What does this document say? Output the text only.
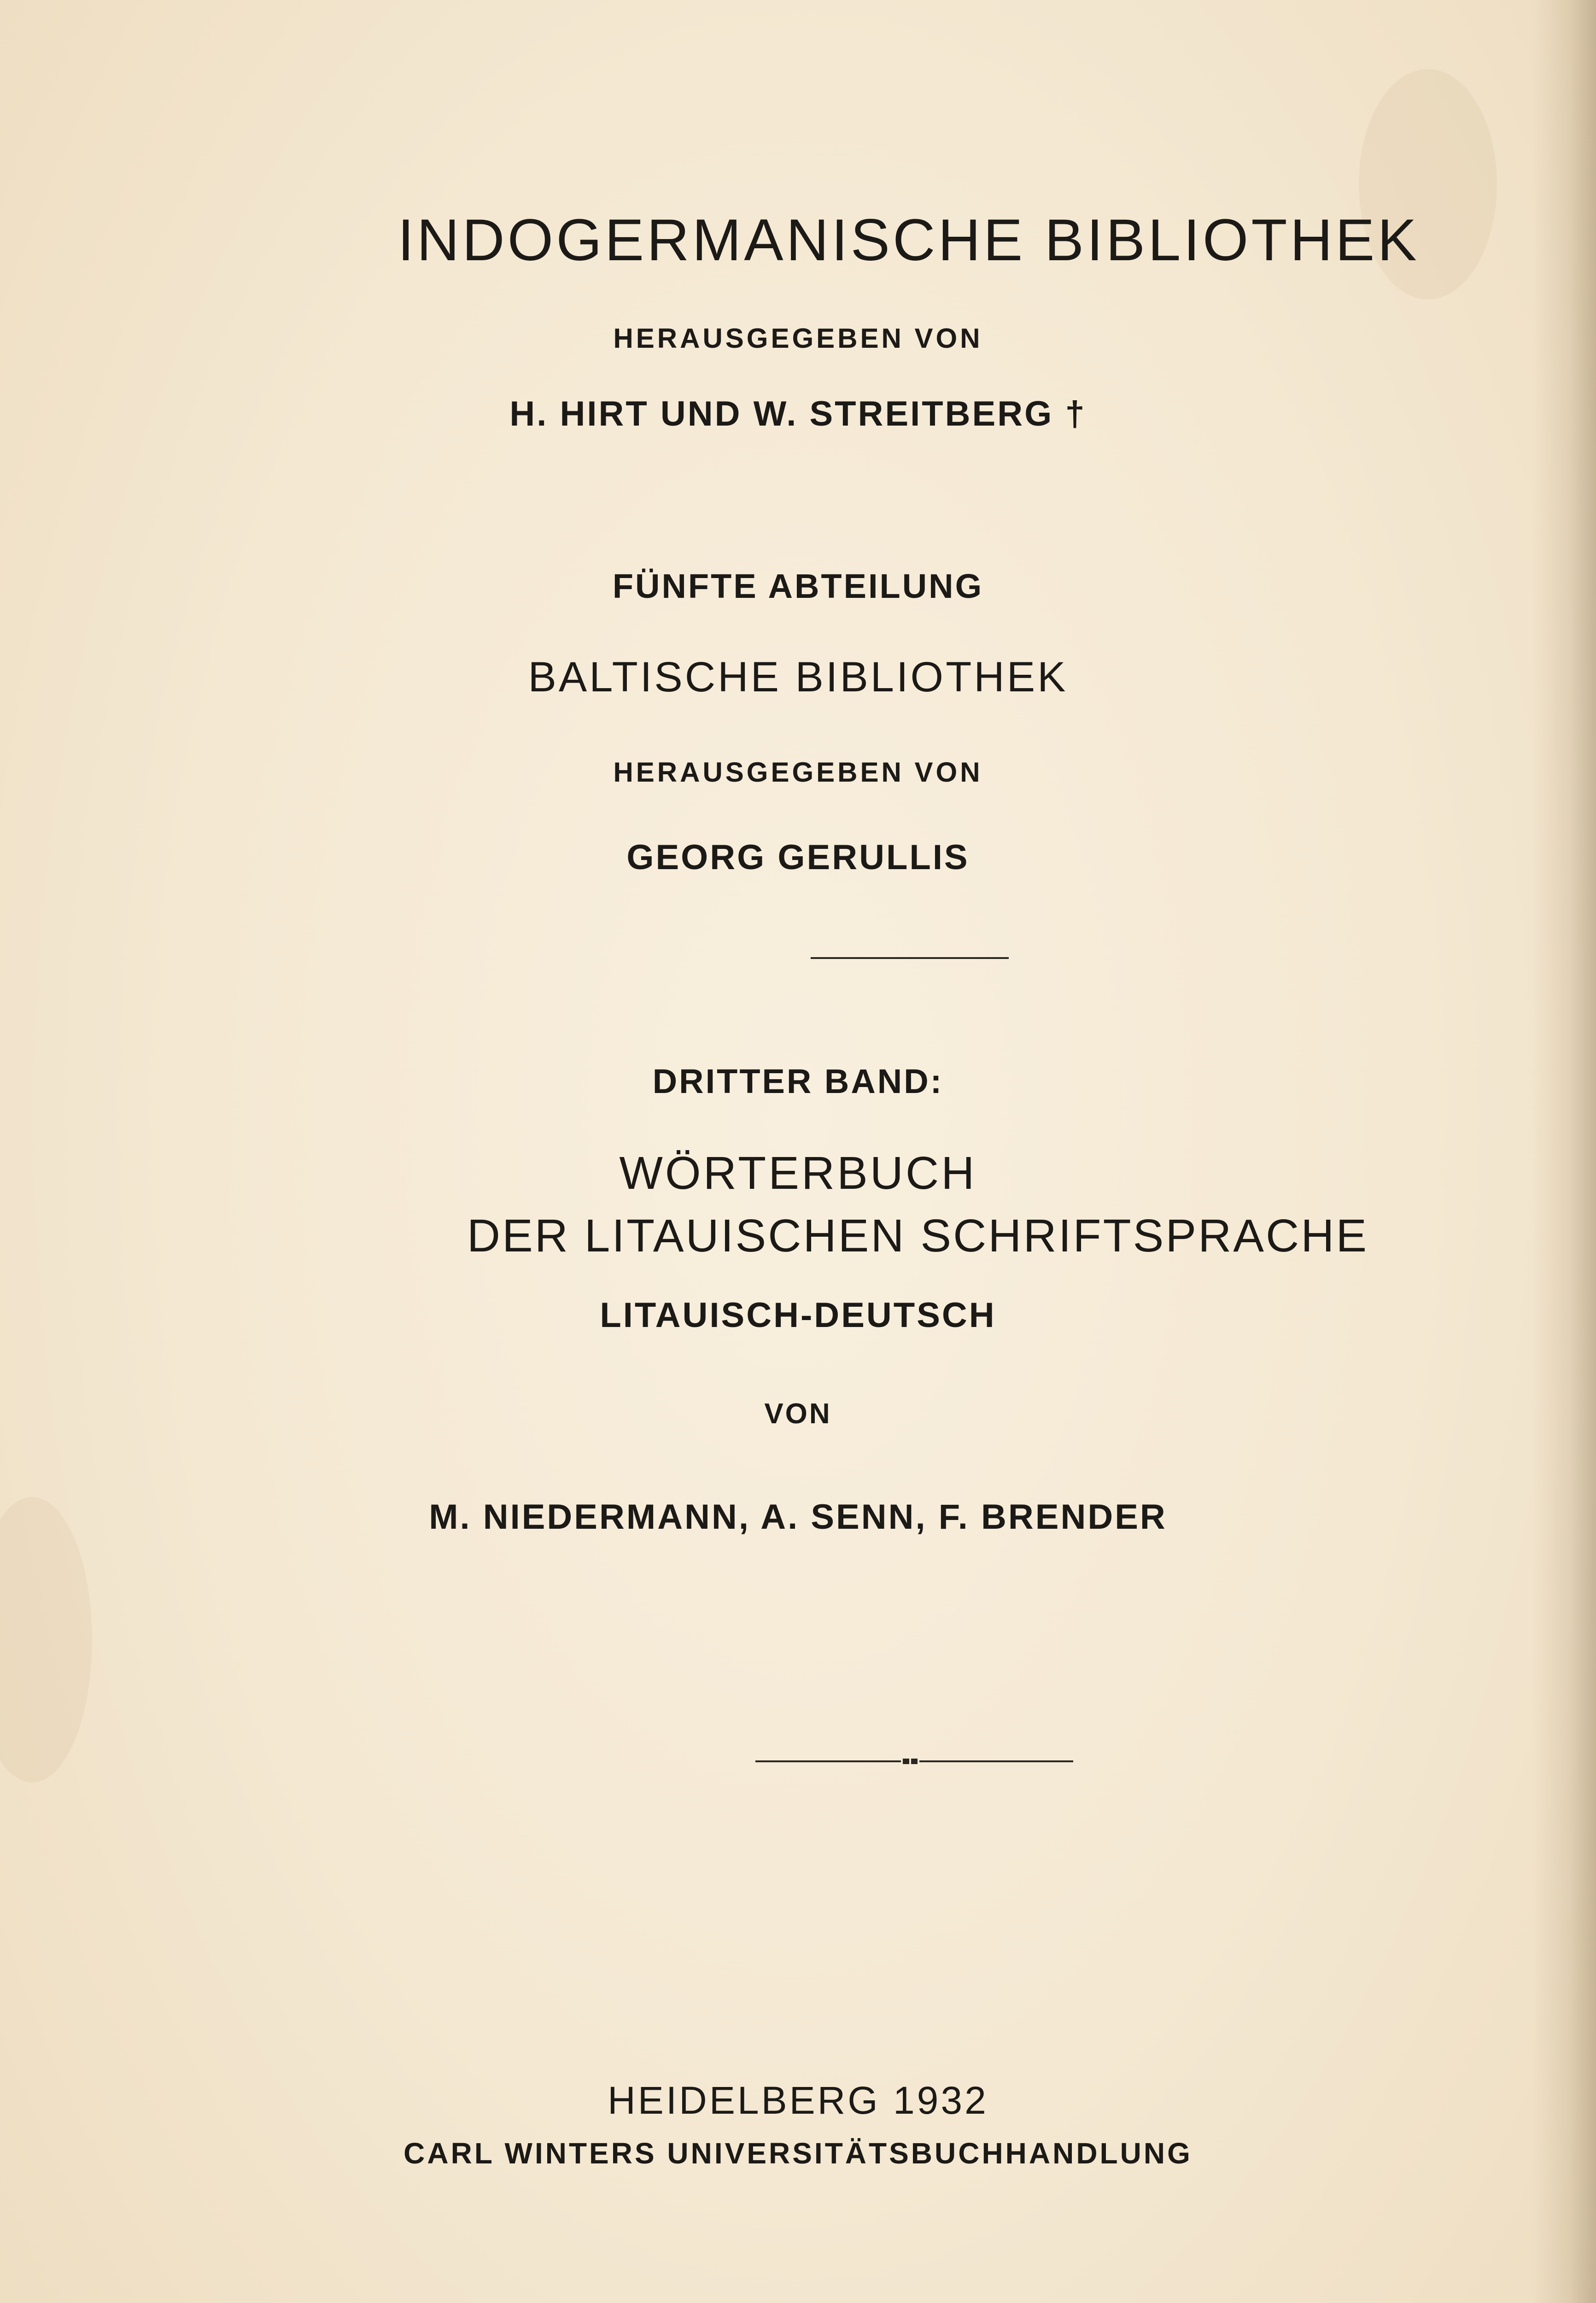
INDOGERMANISCHE BIBLIOTHEK
HERAUSGEGEBEN VON
H. HIRT UND W. STREITBERG †
FÜNFTE ABTEILUNG
BALTISCHE BIBLIOTHEK
HERAUSGEGEBEN VON
GEORG GERULLIS
DRITTER BAND:
WÖRTERBUCH
DER LITAUISCHEN SCHRIFTSPRACHE
LITAUISCH-DEUTSCH
VON
M. NIEDERMANN, A. SENN, F. BRENDER
HEIDELBERG 1932
CARL WINTERS UNIVERSITÄTSBUCHHANDLUNG
